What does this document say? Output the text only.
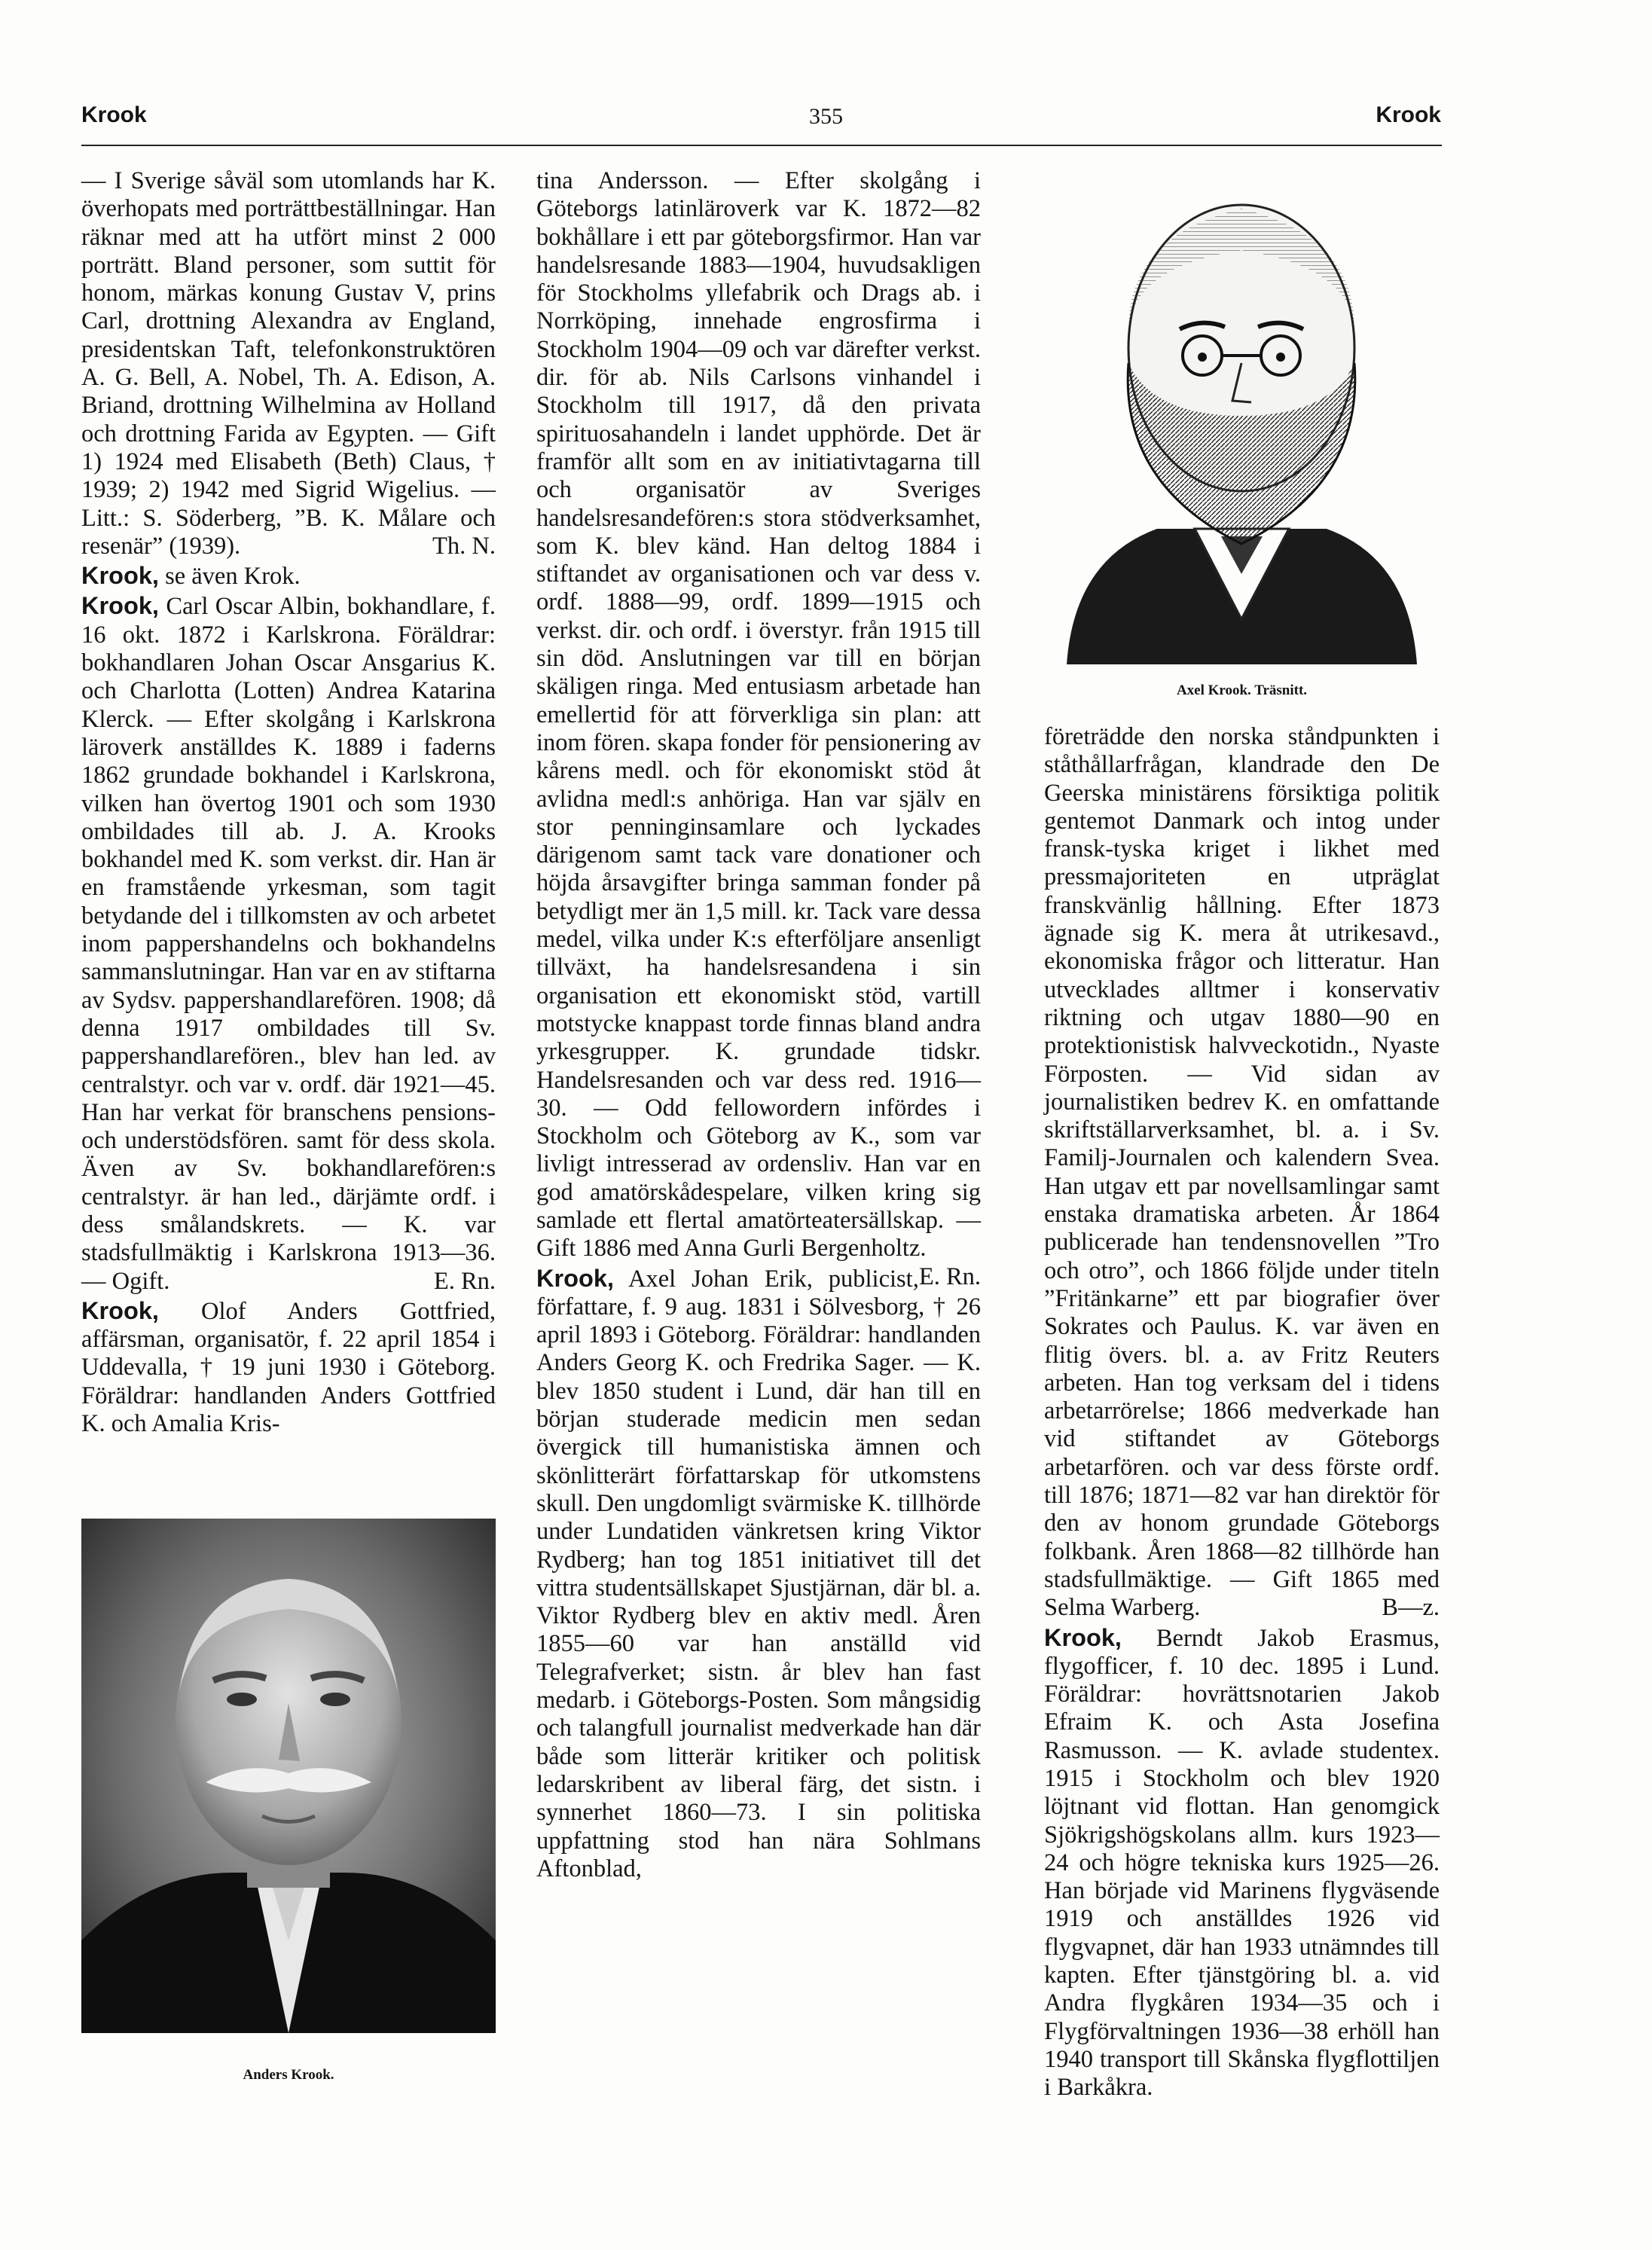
Krook	355	Krook

— I Sverige såväl som utomlands har K. överhopats med porträttbeställningar. Han räknar med att ha utfört minst 2 000 porträtt. Bland personer, som suttit för honom, märkas konung Gustav V, prins Carl, drottning Alexandra av England, presidentskan Taft, telefonkonstruktören A. G. Bell, A. Nobel, Th. A. Edison, A. Briand, drottning Wilhelmina av Holland och drottning Farida av Egypten. — Gift 1) 1924 med Elisabeth (Beth) Claus, † 1939; 2) 1942 med Sigrid Wigelius. — Litt.: S. Söderberg, ”B. K. Målare och resenär” (1939).	Th. N.

Krook, se även Krok.

Krook, Carl Oscar Albin, bokhandlare, f. 16 okt. 1872 i Karlskrona. Föräldrar: bokhandlaren Johan Oscar Ansgarius K. och Charlotta (Lotten) Andrea Katarina Klerck. — Efter skolgång i Karlskrona läroverk anställdes K. 1889 i faderns 1862 grundade bokhandel i Karlskrona, vilken han övertog 1901 och som 1930 ombildades till ab. J. A. Krooks bokhandel med K. som verkst. dir. Han är en framstående yrkesman, som tagit betydande del i tillkomsten av och arbetet inom pappershandelns och bokhandelns sammanslutningar. Han var en av stiftarna av Sydsv. pappershandlarefören. 1908; då denna 1917 ombildades till Sv. pappershandlarefören., blev han led. av centralstyr. och var v. ordf. där 1921—45. Han har verkat för branschens pensions- och understödsfören. samt för dess skola. Även av Sv. bokhandlarefören:s centralstyr. är han led., därjämte ordf. i dess smålandskrets. — K. var stadsfullmäktig i Karlskrona 1913—36. — Ogift.	E. Rn.

Krook, Olof Anders Gottfried, affärsman, organisatör, f. 22 april 1854 i Uddevalla, † 19 juni 1930 i Göteborg. Föräldrar: handlanden Anders Gottfried K. och Amalia Kris-

Anders Krook.

tina Andersson. — Efter skolgång i Göteborgs latinläroverk var K. 1872—82 bokhållare i ett par göteborgsfirmor. Han var handelsresande 1883—1904, huvudsakligen för Stockholms yllefabrik och Drags ab. i Norrköping, innehade engrosfirma i Stockholm 1904—09 och var därefter verkst. dir. för ab. Nils Carlsons vinhandel i Stockholm till 1917, då den privata spirituosahandeln i landet upphörde. Det är framför allt som en av initiativtagarna till och organisatör av Sveriges handelsresandefören:s stora stödverksamhet, som K. blev känd. Han deltog 1884 i stiftandet av organisationen och var dess v. ordf. 1888—99, ordf. 1899—1915 och verkst. dir. och ordf. i överstyr. från 1915 till sin död. Anslutningen var till en början skäligen ringa. Med entusiasm arbetade han emellertid för att förverkliga sin plan: att inom fören. skapa fonder för pensionering av kårens medl. och för ekonomiskt stöd åt avlidna medl:s anhöriga. Han var själv en stor penninginsamlare och lyckades därigenom samt tack vare donationer och höjda årsavgifter bringa samman fonder på betydligt mer än 1,5 mill. kr. Tack vare dessa medel, vilka under K:s efterföljare ansenligt tillväxt, ha handelsresandena i sin organisation ett ekonomiskt stöd, vartill motstycke knappast torde finnas bland andra yrkesgrupper. K. grundade tidskr. Handelsresanden och var dess red. 1916—30. — Odd fellowordern infördes i Stockholm och Göteborg av K., som var livligt intresserad av ordensliv. Han var en god amatörskådespelare, vilken kring sig samlade ett flertal amatörteatersällskap. — Gift 1886 med Anna Gurli Bergenholtz.
E. Rn.

Krook, Axel Johan Erik, publicist, författare, f. 9 aug. 1831 i Sölvesborg, † 26 april 1893 i Göteborg. Föräldrar: handlanden Anders Georg K. och Fredrika Sager. — K. blev 1850 student i Lund, där han till en början studerade medicin men sedan övergick till humanistiska ämnen och skönlitterärt författarskap för utkomstens skull. Den ungdomligt svärmiske K. tillhörde under Lundatiden vänkretsen kring Viktor Rydberg; han tog 1851 initiativet till det vittra studentsällskapet Sjustjärnan, där bl. a. Viktor Rydberg blev en aktiv medl. Åren 1855—60 var han anställd vid Telegrafverket; sistn. år blev han fast medarb. i Göteborgs-Posten. Som mångsidig och talangfull journalist medverkade han där både som litterär kritiker och politisk ledarskribent av liberal färg, det sistn. i synnerhet 1860—73. I sin politiska uppfattning stod han nära Sohlmans Aftonblad,

Axel Krook. Träsnitt.

företrädde den norska ståndpunkten i ståthållarfrågan, klandrade den De Geerska ministärens försiktiga politik gentemot Danmark och intog under fransk-tyska kriget i likhet med pressmajoriteten en utpräglat franskvänlig hållning. Efter 1873 ägnade sig K. mera åt utrikesavd., ekonomiska frågor och litteratur. Han utvecklades alltmer i konservativ riktning och utgav 1880—90 en protektionistisk halvveckotidn., Nyaste Förposten. — Vid sidan av journalistiken bedrev K. en omfattande skriftställarverksamhet, bl. a. i Sv. Familj-Journalen och kalendern Svea. Han utgav ett par novellsamlingar samt enstaka dramatiska arbeten. År 1864 publicerade han tendensnovellen ”Tro och otro”, och 1866 följde under titeln ”Fritänkarne” ett par biografier över Sokrates och Paulus. K. var även en flitig övers. bl. a. av Fritz Reuters arbeten. Han tog verksam del i tidens arbetarrörelse; 1866 medverkade han vid stiftandet av Göteborgs arbetarfören. och var dess förste ordf. till 1876; 1871—82 var han direktör för den av honom grundade Göteborgs folkbank. Åren 1868—82 tillhörde han stadsfullmäktige. — Gift 1865 med Selma Warberg.	B—z.

Krook, Berndt Jakob Erasmus, flygofficer, f. 10 dec. 1895 i Lund. Föräldrar: hovrättsnotarien Jakob Efraim K. och Asta Josefina Rasmusson. — K. avlade studentex. 1915 i Stockholm och blev 1920 löjtnant vid flottan. Han genomgick Sjökrigshögskolans allm. kurs 1923—24 och högre tekniska kurs 1925—26. Han började vid Marinens flygväsende 1919 och anställdes 1926 vid flygvapnet, där han 1933 utnämndes till kapten. Efter tjänstgöring bl. a. vid Andra flygkåren 1934—35 och i Flygförvaltningen 1936—38 erhöll han 1940 transport till Skånska flygflottiljen i Barkåkra.
